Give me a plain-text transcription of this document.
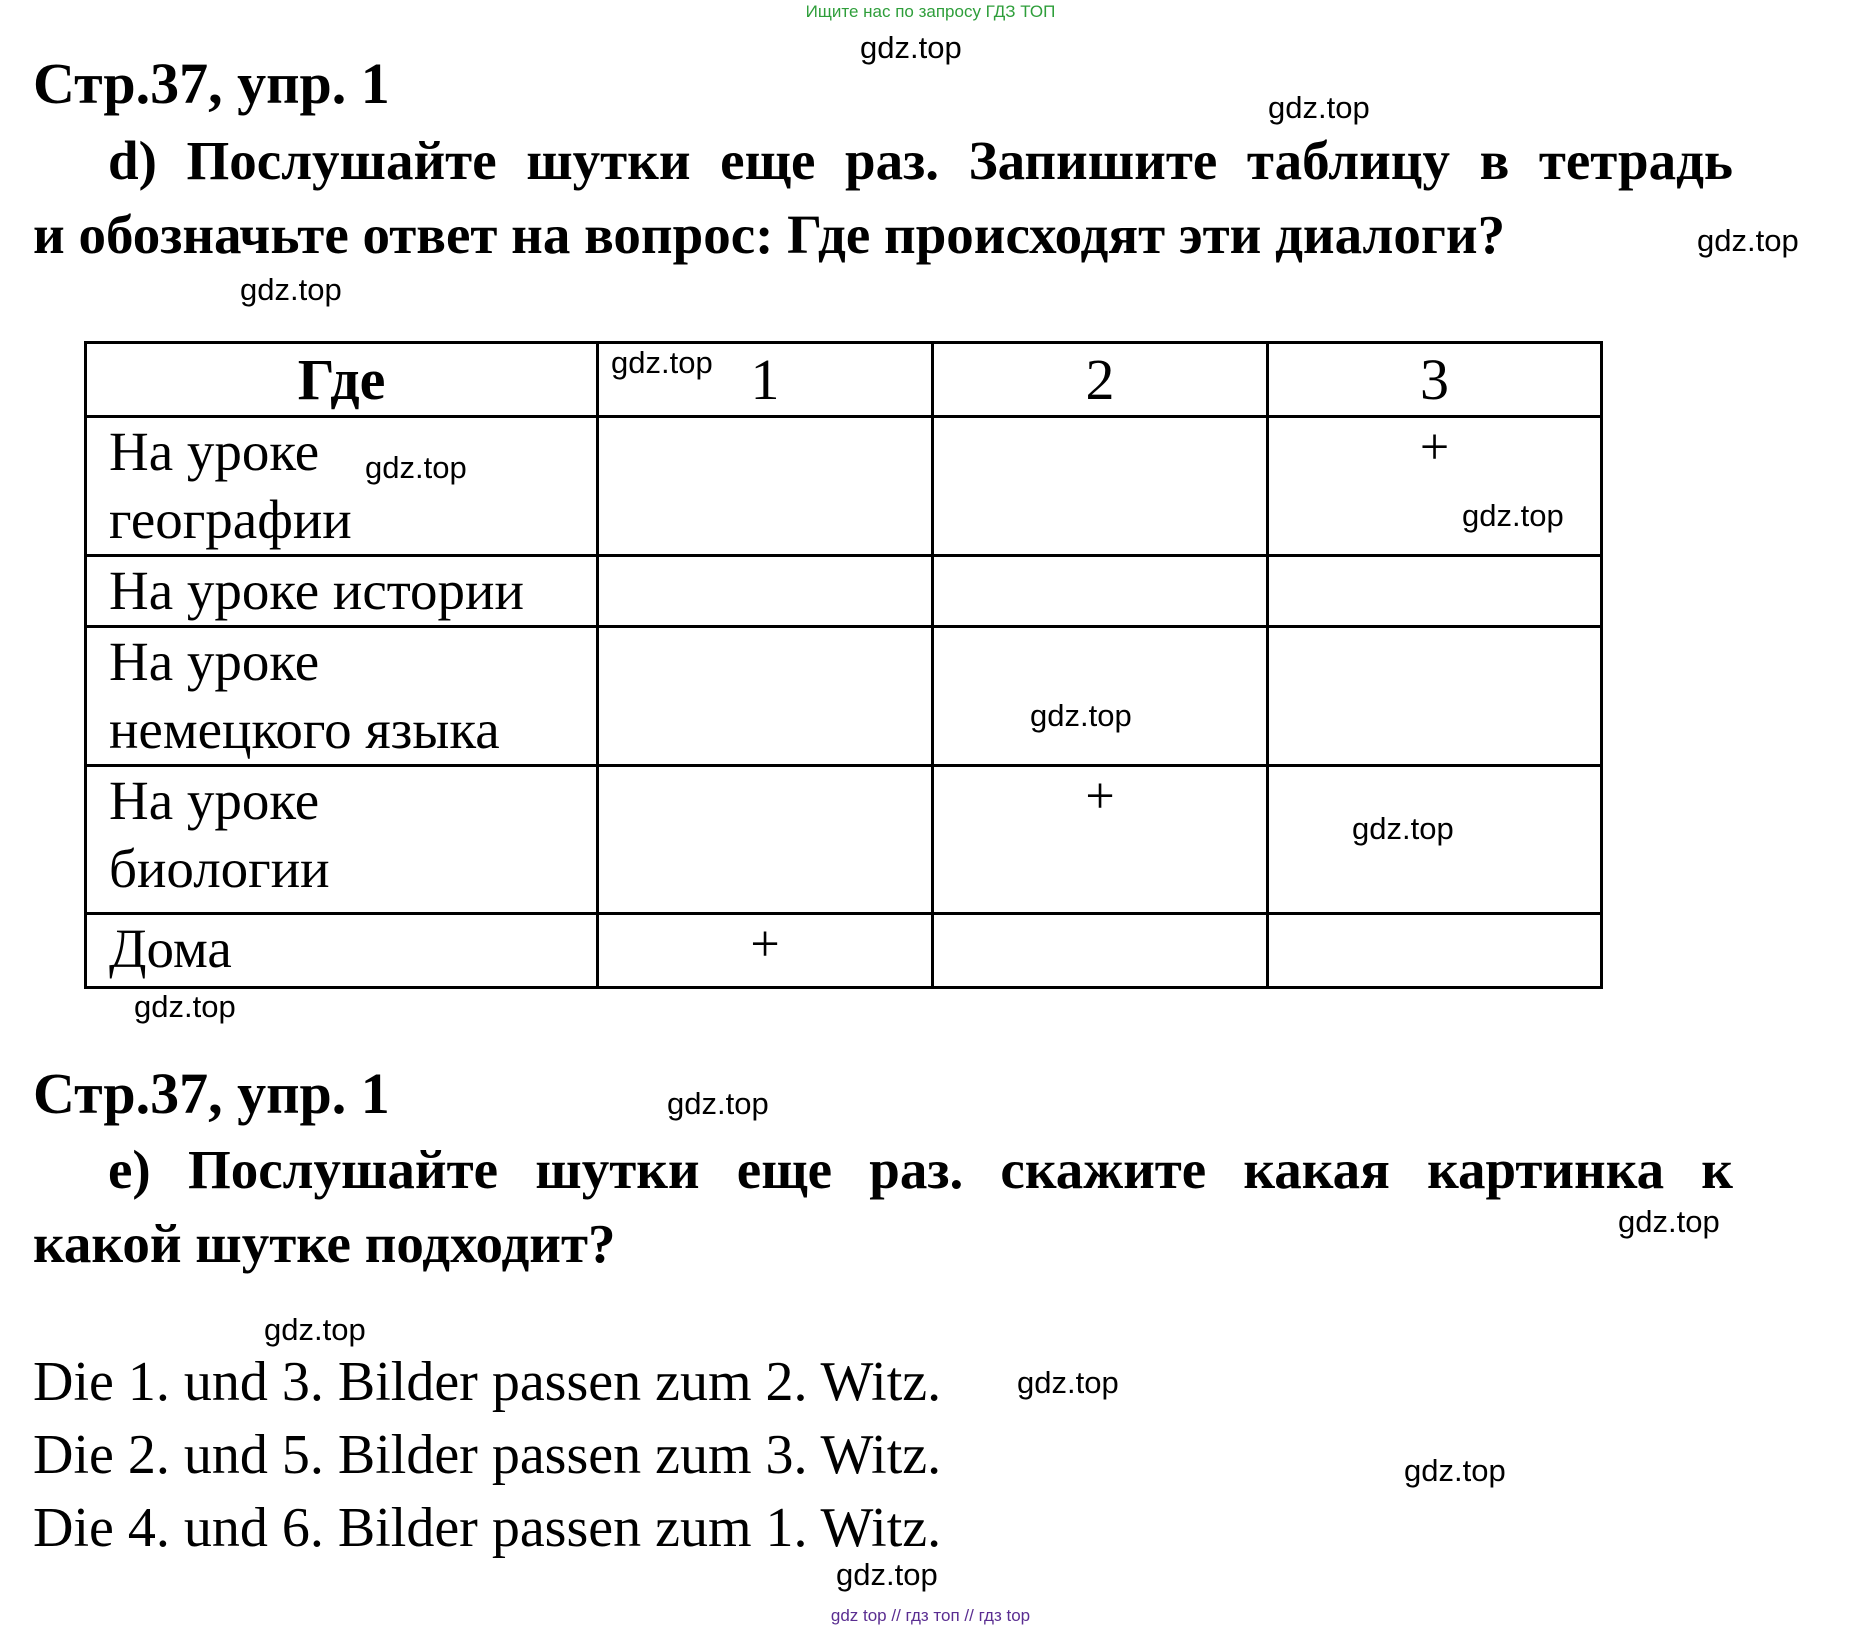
Ищите нас по запросу ГДЗ ТОП
Стр.37, упр. 1
d) Послушайте шутки еще раз. Запишите таблицу в тетрадь
и обозначьте ответ на вопрос: Где происходят эти диалоги?
Где	1	2	3
На уроке
географии			+
На уроке истории			
На уроке
немецкого языка			
На уроке
биологии		+	
Дома	+		
Стр.37, упр. 1
e) Послушайте шутки еще раз. скажите какая картинка к
какой шутке подходит?
Die 1. und 3. Bilder passen zum 2. Witz.
Die 2. und 5. Bilder passen zum 3. Witz.
Die 4. und 6. Bilder passen zum 1. Witz.
gdz.top
gdz.top
gdz.top
gdz.top
gdz.top
gdz.top
gdz.top
gdz.top
gdz.top
gdz.top
gdz.top
gdz.top
gdz.top
gdz.top
gdz.top
gdz.top
gdz top // гдз топ // гдз top
